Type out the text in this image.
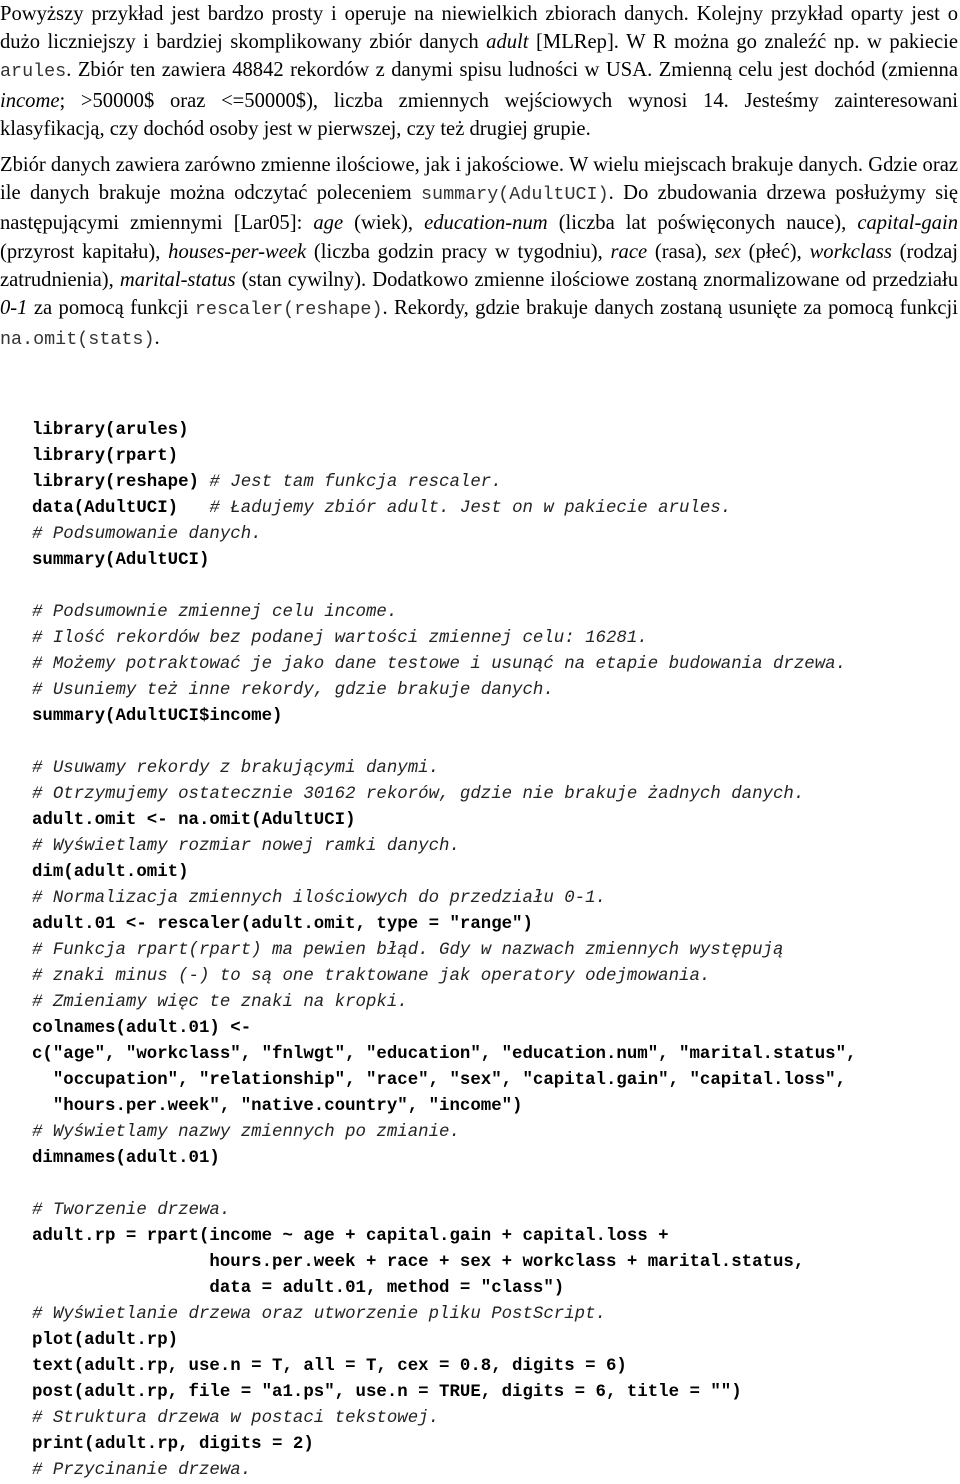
Powyższy przykład jest bardzo prosty i operuje na niewielkich zbiorach danych. Kolejny przykład oparty jest o dużo liczniejszy i bardziej skomplikowany zbiór danych adult [MLRep]. W R można go znaleźć np. w pakiecie arules. Zbiór ten zawiera 48842 rekordów z danymi spisu ludności w USA. Zmienną celu jest dochód (zmienna income; >50000$ oraz <=50000$), liczba zmiennych wejściowych wynosi 14. Jesteśmy zainteresowani klasyfikacją, czy dochód osoby jest w pierwszej, czy też drugiej grupie.

Zbiór danych zawiera zarówno zmienne ilościowe, jak i jakościowe. W wielu miejscach brakuje danych. Gdzie oraz ile danych brakuje można odczytać poleceniem summary(AdultUCI). Do zbudowania drzewa posłużymy się następującymi zmiennymi [Lar05]: age (wiek), education-num (liczba lat poświęconych nauce), capital-gain (przyrost kapitału), houses-per-week (liczba godzin pracy w tygodniu), race (rasa), sex (płeć), workclass (rodzaj zatrudnienia), marital-status (stan cywilny). Dodatkowo zmienne ilościowe zostaną znormalizowane od przedziału 0-1 za pomocą funkcji rescaler(reshape). Rekordy, gdzie brakuje danych zostaną usunięte za pomocą funkcji na.omit(stats).

library(arules)
library(rpart)
library(reshape) # Jest tam funkcja rescaler.
data(AdultUCI)   # Ładujemy zbiór adult. Jest on w pakiecie arules.
# Podsumowanie danych.
summary(AdultUCI)
# Podsumownie zmiennej celu income.
# Ilość rekordów bez podanej wartości zmiennej celu: 16281.
# Możemy potraktować je jako dane testowe i usunąć na etapie budowania drzewa.
# Usuniemy też inne rekordy, gdzie brakuje danych.
summary(AdultUCI$income)
# Usuwamy rekordy z brakującymi danymi.
# Otrzymujemy ostatecznie 30162 rekorów, gdzie nie brakuje żadnych danych.
adult.omit <- na.omit(AdultUCI)
# Wyświetlamy rozmiar nowej ramki danych.
dim(adult.omit)
# Normalizacja zmiennych ilościowych do przedziału 0-1.
adult.01 <- rescaler(adult.omit, type = "range")
# Funkcja rpart(rpart) ma pewien błąd. Gdy w nazwach zmiennych występują
# znaki minus (-) to są one traktowane jak operatory odejmowania.
# Zmieniamy więc te znaki na kropki.
colnames(adult.01) <-
c("age", "workclass", "fnlwgt", "education", "education.num", "marital.status",
"occupation", "relationship", "race", "sex", "capital.gain", "capital.loss",
"hours.per.week", "native.country", "income")
# Wyświetlamy nazwy zmiennych po zmianie.
dimnames(adult.01)
# Tworzenie drzewa.
adult.rp = rpart(income ~ age + capital.gain + capital.loss +
hours.per.week + race + sex + workclass + marital.status,
data = adult.01, method = "class")
# Wyświetlanie drzewa oraz utworzenie pliku PostScript.
plot(adult.rp)
text(adult.rp, use.n = T, all = T, cex = 0.8, digits = 6)
post(adult.rp, file = "a1.ps", use.n = TRUE, digits = 6, title = "")
# Struktura drzewa w postaci tekstowej.
print(adult.rp, digits = 2)
# Przycinanie drzewa.
